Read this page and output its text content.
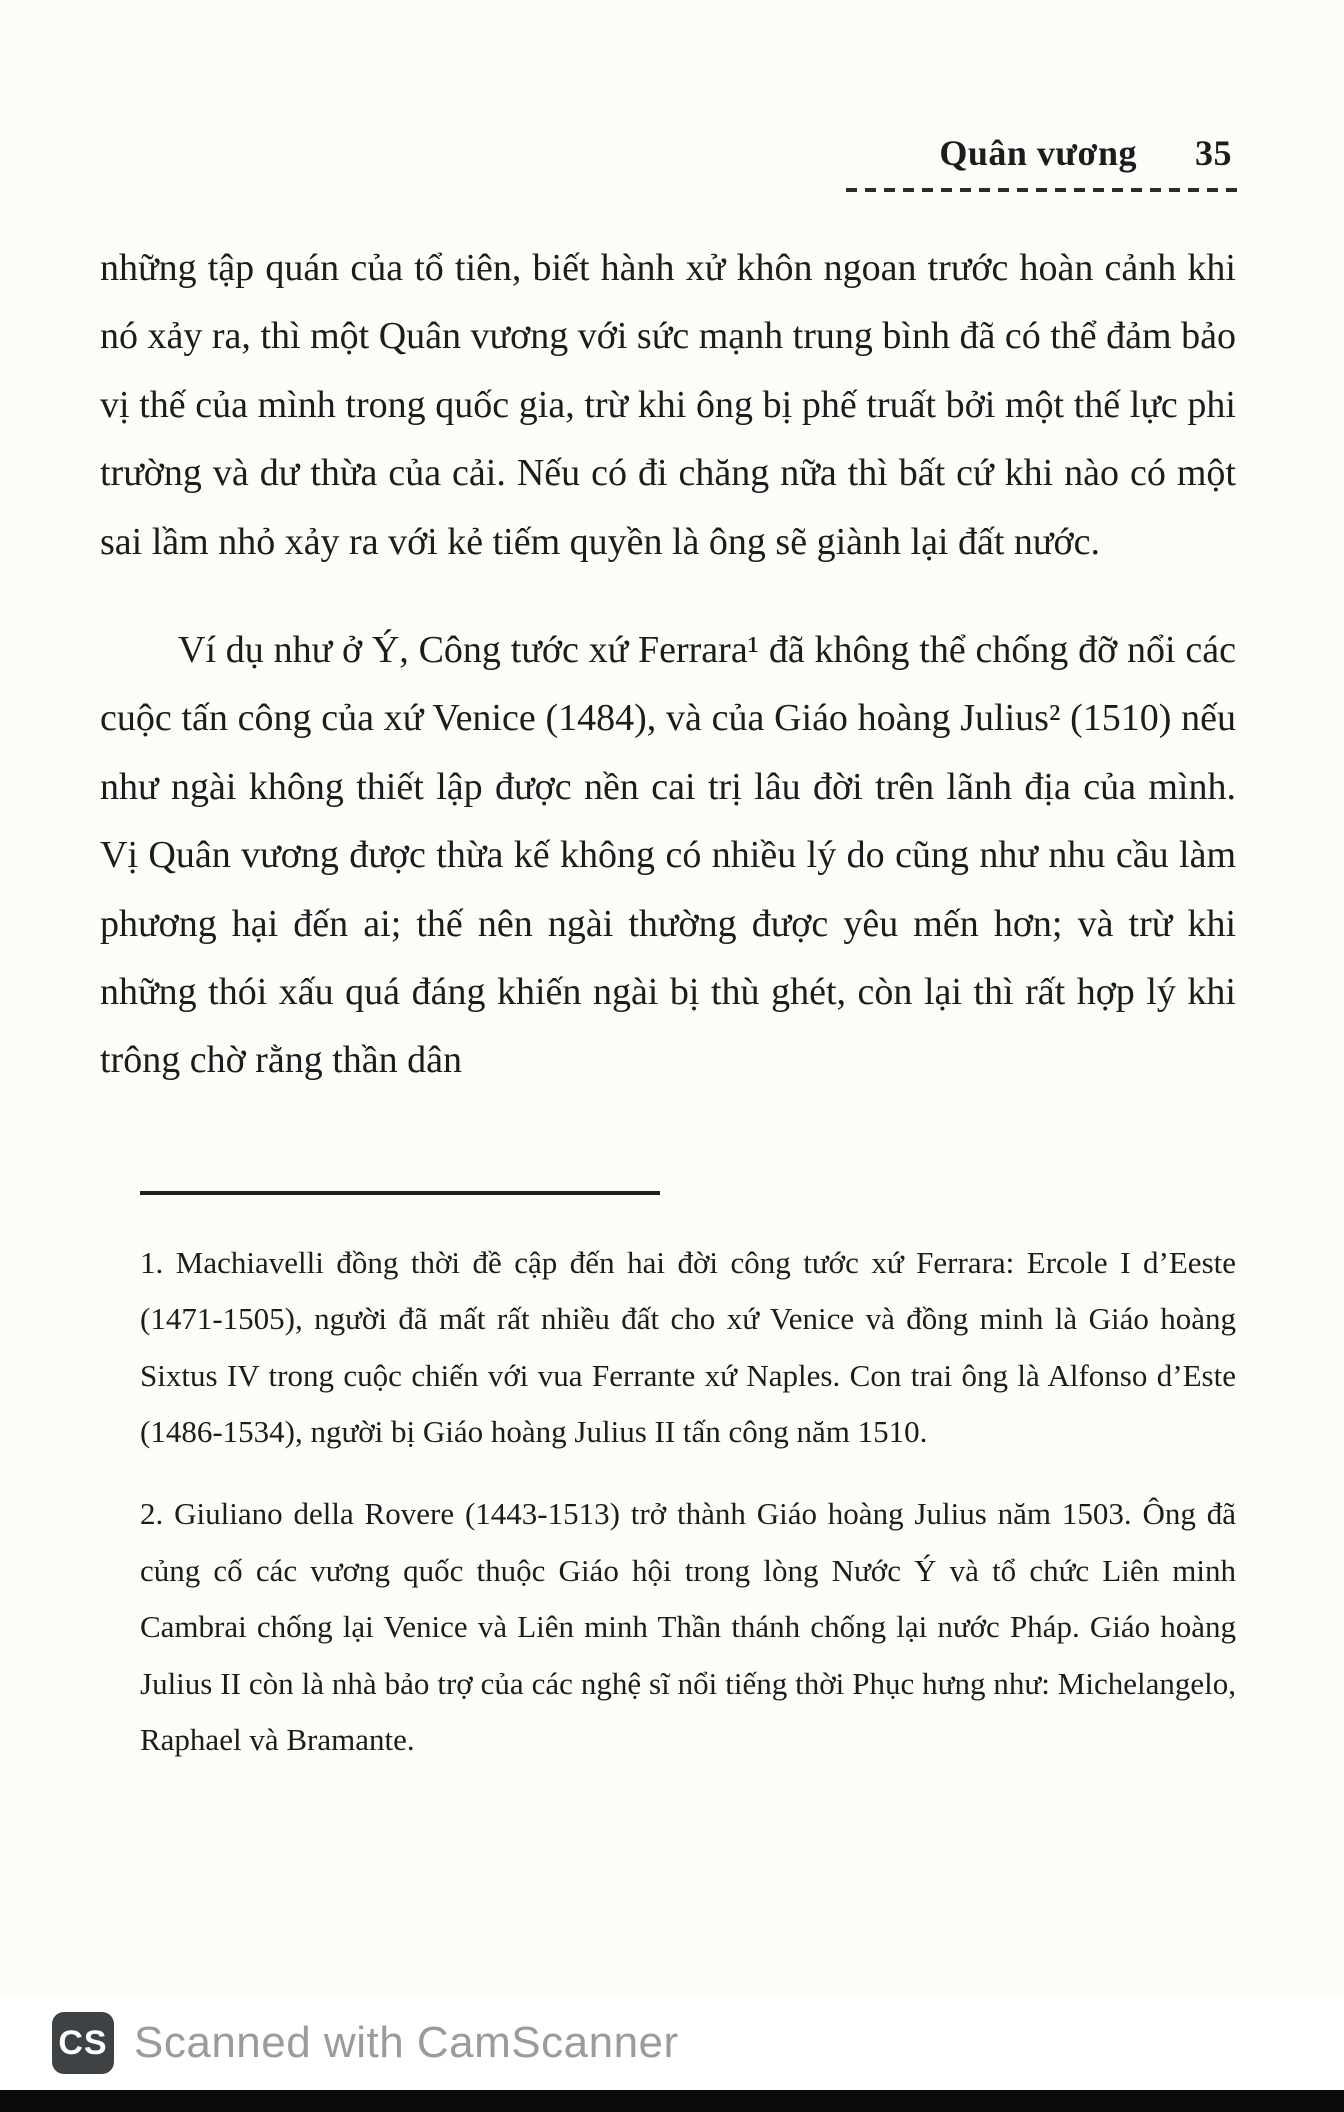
Quân vương 35

những tập quán của tổ tiên, biết hành xử khôn ngoan trước hoàn cảnh khi nó xảy ra, thì một Quân vương với sức mạnh trung bình đã có thể đảm bảo vị thế của mình trong quốc gia, trừ khi ông bị phế truất bởi một thế lực phi trường và dư thừa của cải. Nếu có đi chăng nữa thì bất cứ khi nào có một sai lầm nhỏ xảy ra với kẻ tiếm quyền là ông sẽ giành lại đất nước.

Ví dụ như ở Ý, Công tước xứ Ferrara¹ đã không thể chống đỡ nổi các cuộc tấn công của xứ Venice (1484), và của Giáo hoàng Julius² (1510) nếu như ngài không thiết lập được nền cai trị lâu đời trên lãnh địa của mình. Vị Quân vương được thừa kế không có nhiều lý do cũng như nhu cầu làm phương hại đến ai; thế nên ngài thường được yêu mến hơn; và trừ khi những thói xấu quá đáng khiến ngài bị thù ghét, còn lại thì rất hợp lý khi trông chờ rằng thần dân

1. Machiavelli đồng thời đề cập đến hai đời công tước xứ Ferrara: Ercole I d’Eeste (1471-1505), người đã mất rất nhiều đất cho xứ Venice và đồng minh là Giáo hoàng Sixtus IV trong cuộc chiến với vua Ferrante xứ Naples. Con trai ông là Alfonso d’Este (1486-1534), người bị Giáo hoàng Julius II tấn công năm 1510.

2. Giuliano della Rovere (1443-1513) trở thành Giáo hoàng Julius năm 1503. Ông đã củng cố các vương quốc thuộc Giáo hội trong lòng Nước Ý và tổ chức Liên minh Cambrai chống lại Venice và Liên minh Thần thánh chống lại nước Pháp. Giáo hoàng Julius II còn là nhà bảo trợ của các nghệ sĩ nổi tiếng thời Phục hưng như: Michelangelo, Raphael và Bramante.

CS Scanned with CamScanner
